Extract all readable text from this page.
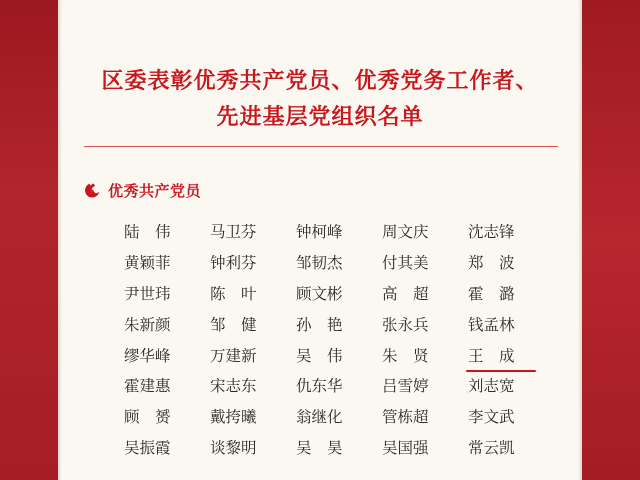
区委表彰优秀共产党员、优秀党务工作者、
先进基层党组织名单
优秀共产党员
陆　伟	马卫芬	钟柯峰	周文庆	沈志锋
黄颖菲	钟利芬	邹韧杰	付其美	郑　波
尹世玮	陈　叶	顾文彬	高　超	霍　潞
朱新颜	邹　健	孙　艳	张永兵	钱孟林
缪华峰	万建新	吴　伟	朱　贤	王　成
霍建惠	宋志东	仇东华	吕雪婷	刘志宽
顾　赟	戴挎曦	翁继化	管栋超	李文武
吴振霞	谈黎明	吴　昊	吴国强	常云凯
